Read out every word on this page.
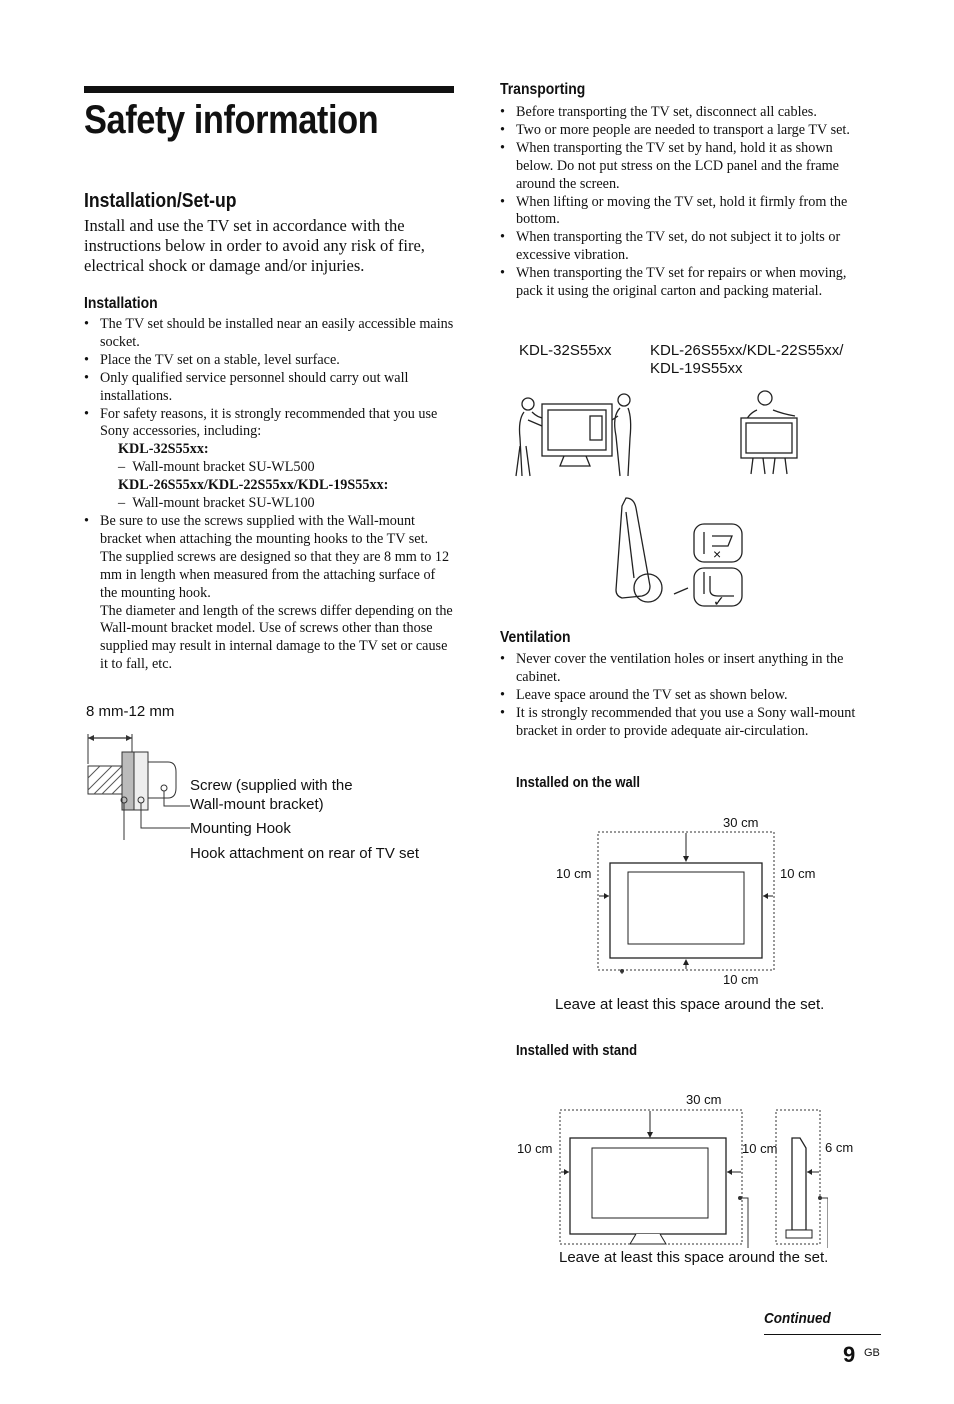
Safety information
Installation/Set-up
Install and use the TV set in accordance with the instructions below in order to avoid any risk of fire, electrical shock or damage and/or injuries.
Installation
• The TV set should be installed near an easily accessible mains socket.
• Place the TV set on a stable, level surface.
• Only qualified service personnel should carry out wall installations.
• For safety reasons, it is strongly recommended that you use Sony accessories, including:
KDL-32S55xx:
–  Wall-mount bracket SU-WL500
KDL-26S55xx/KDL-22S55xx/KDL-19S55xx:
–  Wall-mount bracket SU-WL100
• Be sure to use the screws supplied with the Wall-mount bracket when attaching the mounting hooks to the TV set.
The supplied screws are designed so that they are 8 mm to 12 mm in length when measured from the attaching surface of the mounting hook.
The diameter and length of the screws differ depending on the Wall-mount bracket model. Use of screws other than those supplied may result in internal damage to the TV set or cause it to fall, etc.
8 mm-12 mm
Screw (supplied with the
Wall-mount bracket)
Mounting Hook
Hook attachment on rear of TV set
Transporting
• Before transporting the TV set, disconnect all cables.
• Two or more people are needed to transport a large TV set.
• When transporting the TV set by hand, hold it as shown below. Do not put stress on the LCD panel and the frame around the screen.
• When lifting or moving the TV set, hold it firmly from the bottom.
• When transporting the TV set, do not subject it to jolts or excessive vibration.
• When transporting the TV set for repairs or when moving, pack it using the original carton and packing material.
KDL-32S55xx	KDL-26S55xx/KDL-22S55xx/
KDL-19S55xx
×
✓
Ventilation
• Never cover the ventilation holes or insert anything in the cabinet.
• Leave space around the TV set as shown below.
• It is strongly recommended that you use a Sony wall-mount bracket in order to provide adequate air-circulation.
Installed on the wall
30 cm
10 cm	10 cm
10 cm
Leave at least this space around the set.
Installed with stand
30 cm
10 cm	10 cm	6 cm
Leave at least this space around the set.
Continued
9 GB
